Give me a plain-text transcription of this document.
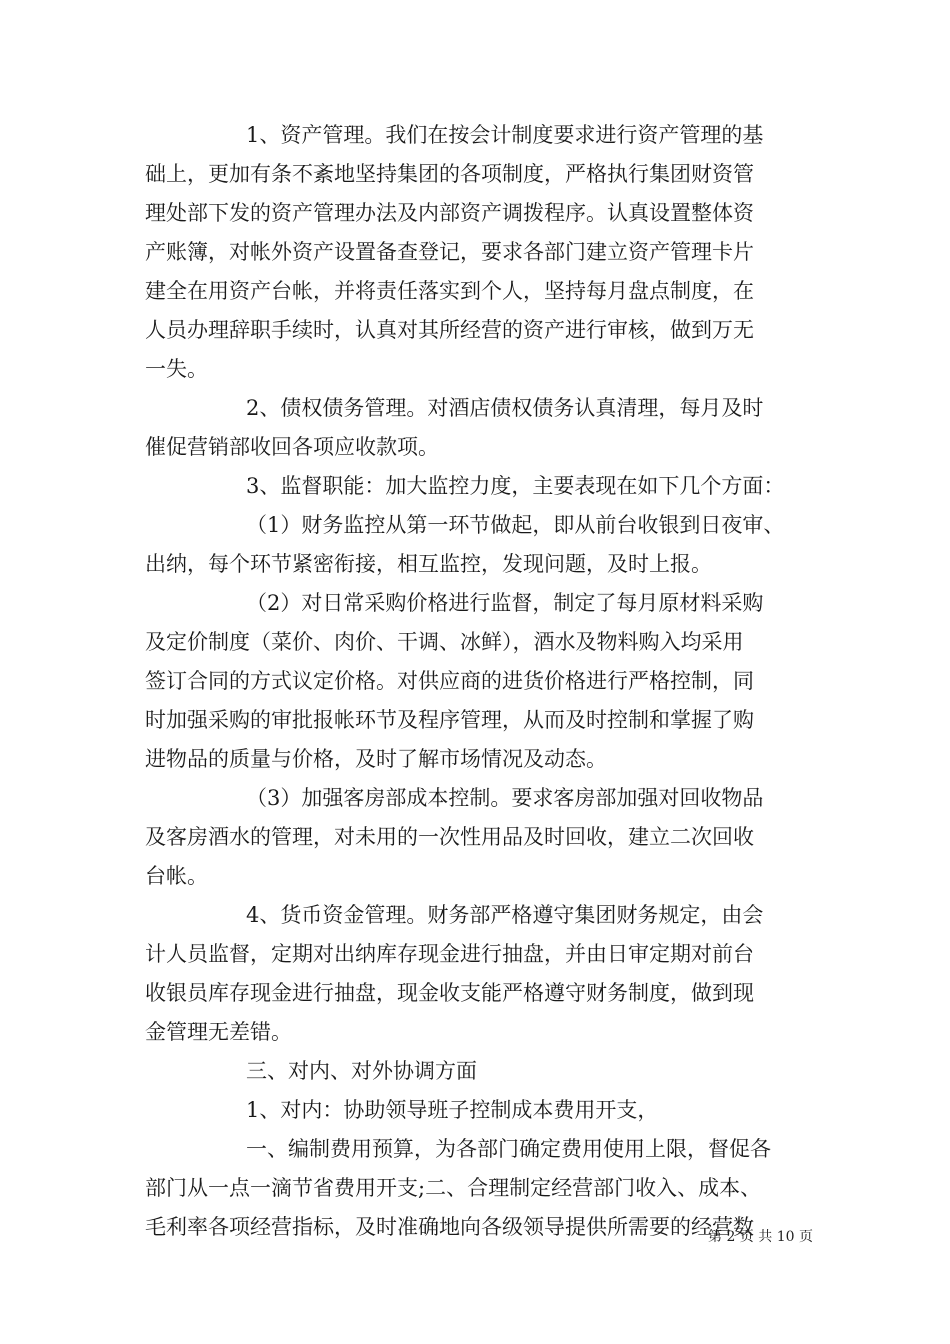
1、资产管理。我们在按会计制度要求进行资产管理的基
础上，更加有条不紊地坚持集团的各项制度，严格执行集团财资管
理处部下发的资产管理办法及内部资产调拨程序。认真设置整体资
产账簿，对帐外资产设置备查登记，要求各部门建立资产管理卡片
建全在用资产台帐，并将责任落实到个人，坚持每月盘点制度，在
人员办理辞职手续时，认真对其所经营的资产进行审核，做到万无
一失。
2、债权债务管理。对酒店债权债务认真清理，每月及时
催促营销部收回各项应收款项。
3、监督职能：加大监控力度，主要表现在如下几个方面：
（1）财务监控从第一环节做起，即从前台收银到日夜审、
出纳，每个环节紧密衔接，相互监控，发现问题，及时上报。
（2）对日常采购价格进行监督，制定了每月原材料采购
及定价制度（菜价、肉价、干调、冰鲜），酒水及物料购入均采用
签订合同的方式议定价格。对供应商的进货价格进行严格控制，同
时加强采购的审批报帐环节及程序管理，从而及时控制和掌握了购
进物品的质量与价格，及时了解市场情况及动态。
（3）加强客房部成本控制。要求客房部加强对回收物品
及客房酒水的管理，对未用的一次性用品及时回收，建立二次回收
台帐。
4、货币资金管理。财务部严格遵守集团财务规定，由会
计人员监督，定期对出纳库存现金进行抽盘，并由日审定期对前台
收银员库存现金进行抽盘，现金收支能严格遵守财务制度，做到现
金管理无差错。
三、对内、对外协调方面
1、对内：协助领导班子控制成本费用开支，
一、编制费用预算，为各部门确定费用使用上限，督促各
部门从一点一滴节省费用开支;二、合理制定经营部门收入、成本、
毛利率各项经营指标，及时准确地向各级领导提供所需要的经营数
第 2 页 共 10 页
